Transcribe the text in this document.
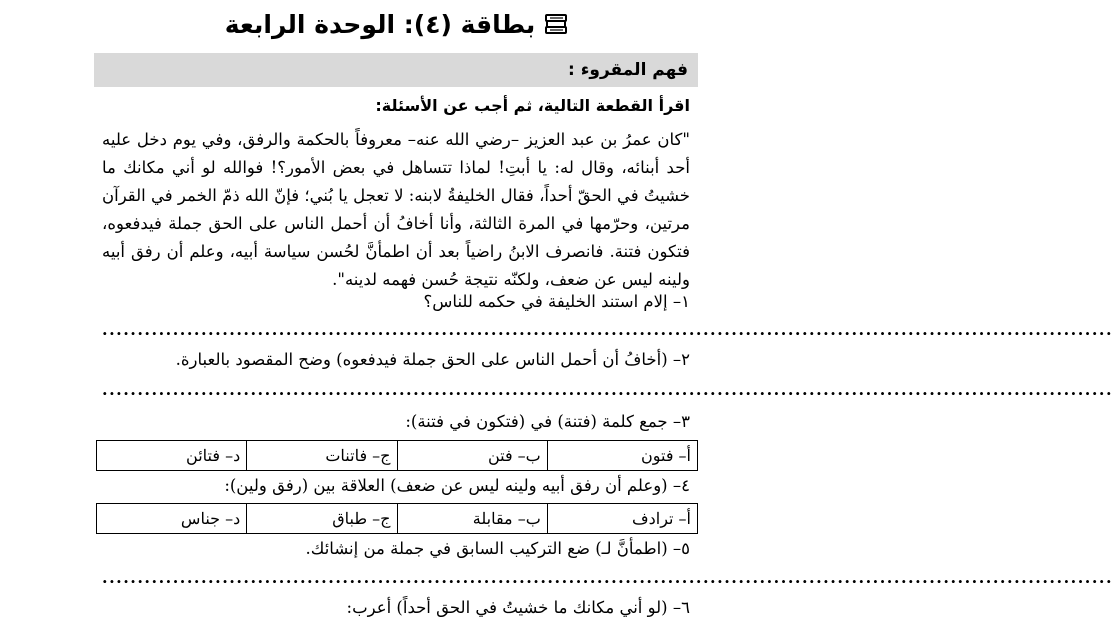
بطاقة (٤): الوحدة الرابعة
فهم المقروء :
اقرأ القطعة التالية، ثم أجب عن الأسئلة:
"كان عمرُ بن عبد العزيز –رضي الله عنه– معروفاً بالحكمة والرفق، وفي يوم دخل عليه أحد أبنائه، وقال له: يا أبتِ! لماذا تتساهل في بعض الأمور؟! فوالله لو أني مكانك ما خشيتُ في الحقّ أحداً، فقال الخليفةُ لابنه: لا تعجل يا بُني؛ فإنّ الله ذمّ الخمر في القرآن مرتين، وحرّمها في المرة الثالثة، وأنا أخافُ أن أحمل الناس على الحق جملة فيدفعوه، فتكون فتنة. فانصرف الابنُ راضياً بعد أن اطمأنَّ لحُسن سياسة أبيه، وعلم أن رفق أبيه ولينه ليس عن ضعف، ولكنّه نتيجة حُسن فهمه لدينه".
١– إلام استند الخليفة في حكمه للناس؟
...............................................................................................................................................
٢– (أخافُ أن أحمل الناس على الحق جملة فيدفعوه) وضح المقصود بالعبارة.
...............................................................................................................................................
٣– جمع كلمة (فتنة) في (فتكون في فتنة):
أ– فتون	ب– فتن	ج– فاتنات	د– فتائن
٤– (وعلم أن رفق أبيه ولينه ليس عن ضعف) العلاقة بين (رفق ولين):
أ– ترادف	ب– مقابلة	ج– طباق	د– جناس
٥– (اطمأنَّ لـ) ضع التركيب السابق في جملة من إنشائك.
...............................................................................................................................................
٦– (لو أني مكانك ما خشيتُ في الحق أحداً) أعرب:
